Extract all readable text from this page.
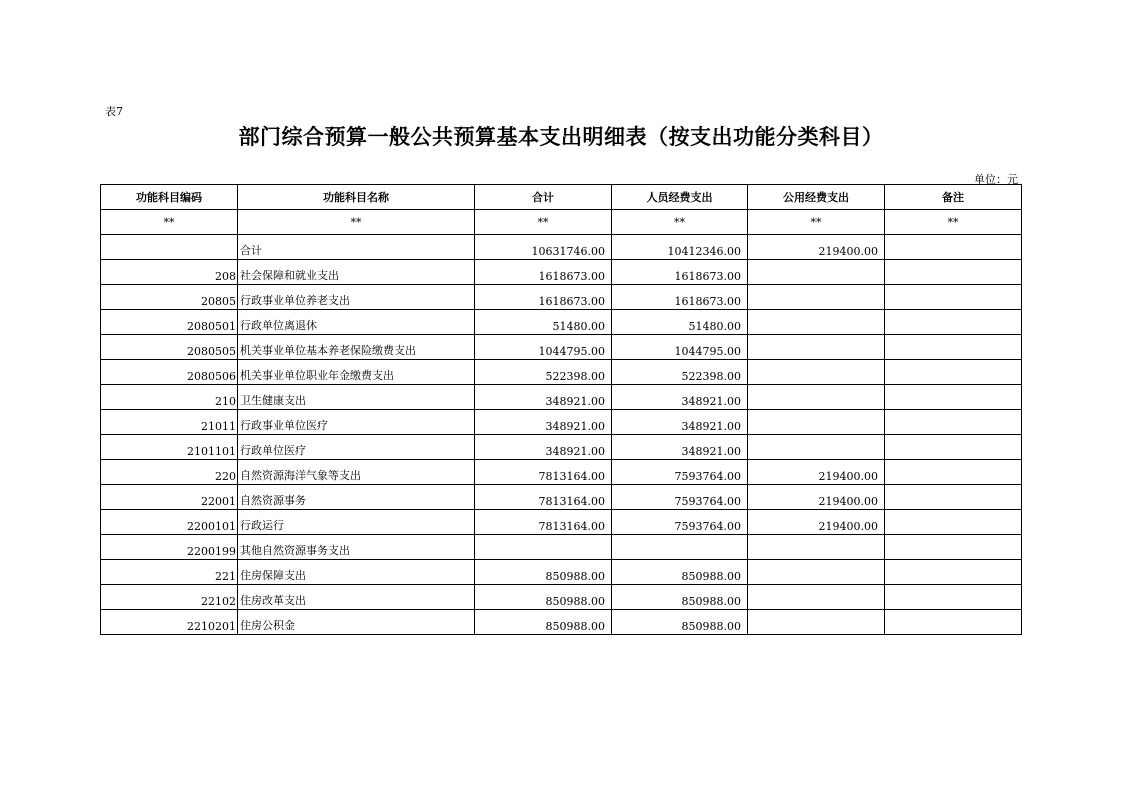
表7
部门综合预算一般公共预算基本支出明细表（按支出功能分类科目）
单位：元
功能科目编码	功能科目名称	合计	人员经费支出	公用经费支出	备注
**	**	**	**	**	**
	合计	10631746.00	10412346.00	219400.00	
208	社会保障和就业支出	1618673.00	1618673.00		
20805	行政事业单位养老支出	1618673.00	1618673.00		
2080501	行政单位离退休	51480.00	51480.00		
2080505	机关事业单位基本养老保险缴费支出	1044795.00	1044795.00		
2080506	机关事业单位职业年金缴费支出	522398.00	522398.00		
210	卫生健康支出	348921.00	348921.00		
21011	行政事业单位医疗	348921.00	348921.00		
2101101	行政单位医疗	348921.00	348921.00		
220	自然资源海洋气象等支出	7813164.00	7593764.00	219400.00	
22001	自然资源事务	7813164.00	7593764.00	219400.00	
2200101	行政运行	7813164.00	7593764.00	219400.00	
2200199	其他自然资源事务支出				
221	住房保障支出	850988.00	850988.00		
22102	住房改革支出	850988.00	850988.00		
2210201	住房公积金	850988.00	850988.00		
